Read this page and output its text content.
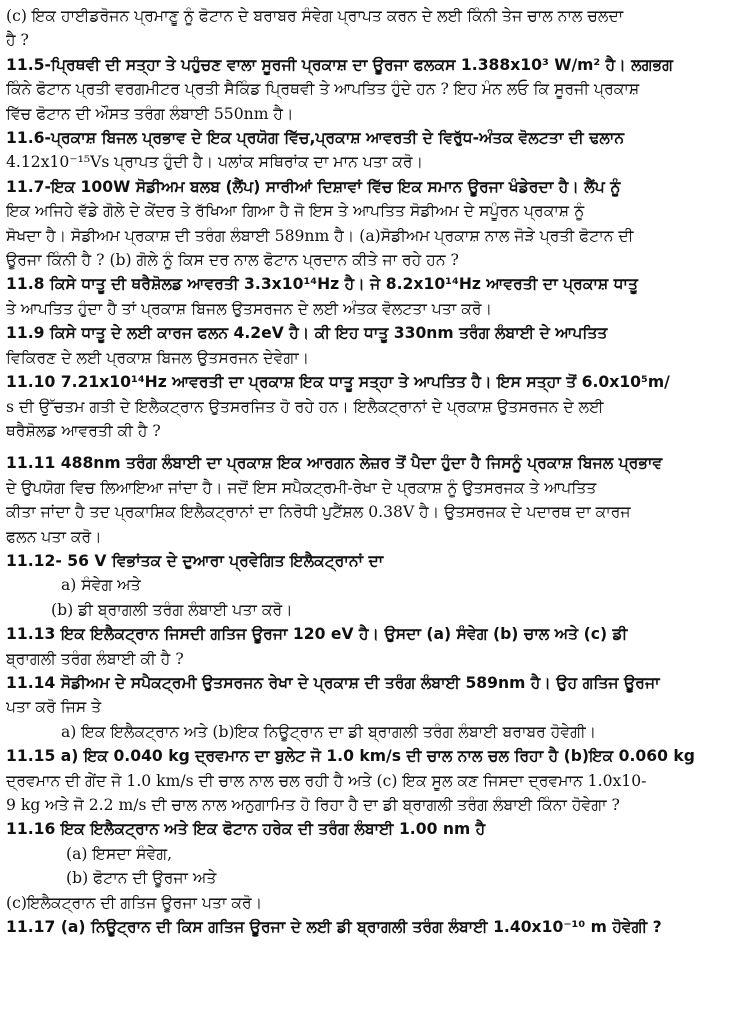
(c) ਇਕ ਹਾਈਡਰੋਜਨ ਪ੍ਰਮਾਣੂ ਨੂੰ ਫੋਟਾਨ ਦੇ ਬਰਾਬਰ ਸੰਵੇਗ ਪ੍ਰਾਪਤ ਕਰਨ ਦੇ ਲਈ ਕਿੰਨੀ ਤੇਜ ਚਾਲ ਨਾਲ ਚਲਦਾ
ਹੈ ?
11.5-ਪ੍ਰਿਥਵੀ ਦੀ ਸਤ੍ਹਾ ਤੇ ਪਹੁੰਚਣ ਵਾਲਾ ਸੂਰਜੀ ਪ੍ਰਕਾਸ਼ ਦਾ ਊਰਜਾ ਫਲਕਸ 1.388x10³ W/m² ਹੈ। ਲਗਭਗ
ਕਿੰਨੇ ਫੋਟਾਨ ਪ੍ਰਤੀ ਵਰਗਮੀਟਰ ਪ੍ਰਤੀ ਸੈਕਿੰਡ ਪ੍ਰਿਥਵੀ ਤੇ ਆਪਤਿਤ ਹੁੰਦੇ ਹਨ ? ਇਹ ਮੰਨ ਲਓ ਕਿ ਸੂਰਜੀ ਪ੍ਰਕਾਸ਼
ਵਿੱਚ ਫੋਟਾਨ ਦੀ ਔਸਤ ਤਰੰਗ ਲੰਬਾਈ 550nm ਹੈ।
11.6-ਪ੍ਰਕਾਸ਼ ਬਿਜਲ ਪ੍ਰਭਾਵ ਦੇ ਇਕ ਪ੍ਰਯੋਗ ਵਿੱਚ,ਪ੍ਰਕਾਸ਼ ਆਵਰਤੀ ਦੇ ਵਿਰੁੱਧ-ਅੰਤਕ ਵੋਲਟਤਾ ਦੀ ਢਲਾਨ
4.12x10⁻¹⁵Vs ਪ੍ਰਾਪਤ ਹੁੰਦੀ ਹੈ। ਪਲਾਂਕ ਸਥਿਰਾਂਕ ਦਾ ਮਾਨ ਪਤਾ ਕਰੋ।
11.7-ਇਕ 100W ਸੋਡੀਅਮ ਬਲਬ (ਲੈਂਪ) ਸਾਰੀਆਂ ਦਿਸ਼ਾਵਾਂ ਵਿੱਚ ਇਕ ਸਮਾਨ ਊਰਜਾ ਖੰਡੇਰਦਾ ਹੈ। ਲੈਂਪ ਨੂੰ
ਇਕ ਅਜਿਹੇ ਵੱਡੇ ਗੋਲੇ ਦੇ ਕੇਂਦਰ ਤੇ ਰੱਖਿਆ ਗਿਆ ਹੈ ਜੋ ਇਸ ਤੇ ਆਪਤਿਤ ਸੋਡੀਅਮ ਦੇ ਸਪੂੰਰਨ ਪ੍ਰਕਾਸ਼ ਨੂੰ
ਸੋਖਦਾ ਹੈ। ਸੋਡੀਅਮ ਪ੍ਰਕਾਸ਼ ਦੀ ਤਰੰਗ ਲੰਬਾਈ 589nm ਹੈ। (a)ਸੋਡੀਅਮ ਪ੍ਰਕਾਸ਼ ਨਾਲ ਜੋੜੇ ਪ੍ਰਤੀ ਫੋਟਾਨ ਦੀ
ਊਰਜਾ ਕਿੰਨੀ ਹੈ ? (b) ਗੋਲੇ ਨੂੰ ਕਿਸ ਦਰ ਨਾਲ ਫੋਟਾਨ ਪ੍ਰਦਾਨ ਕੀਤੇ ਜਾ ਰਹੇ ਹਨ ?
11.8 ਕਿਸੇ ਧਾਤੂ ਦੀ ਥਰੈਸ਼ੋਲਡ ਆਵਰਤੀ 3.3x10¹⁴Hz ਹੈ। ਜੇ 8.2x10¹⁴Hz ਆਵਰਤੀ ਦਾ ਪ੍ਰਕਾਸ਼ ਧਾਤੂ
ਤੇ ਆਪਤਿਤ ਹੁੰਦਾ ਹੈ ਤਾਂ ਪ੍ਰਕਾਸ਼ ਬਿਜਲ ਉਤਸਰਜਨ ਦੇ ਲਈ ਅੰਤਕ ਵੋਲਟਤਾ ਪਤਾ ਕਰੋ।
11.9 ਕਿਸੇ ਧਾਤੂ ਦੇ ਲਈ ਕਾਰਜ ਫਲਨ 4.2eV ਹੈ। ਕੀ ਇਹ ਧਾਤੂ 330nm ਤਰੰਗ ਲੰਬਾਈ ਦੇ ਆਪਤਿਤ
ਵਿਕਿਰਣ ਦੇ ਲਈ ਪ੍ਰਕਾਸ਼ ਬਿਜਲ ਉਤਸਰਜਨ ਦੇਵੇਗਾ।
11.10 7.21x10¹⁴Hz ਆਵਰਤੀ ਦਾ ਪ੍ਰਕਾਸ਼ ਇਕ ਧਾਤੂ ਸਤ੍ਹਾ ਤੇ ਆਪਤਿਤ ਹੈ। ਇਸ ਸਤ੍ਹਾ ਤੋਂ 6.0x10⁵m/
s ਦੀ ਉੱਚਤਮ ਗਤੀ ਦੇ ਇਲੈਕਟ੍ਰਾਨ ਉਤਸਰਜਿਤ ਹੋ ਰਹੇ ਹਨ। ਇਲੈਕਟ੍ਰਾਨਾਂ ਦੇ ਪ੍ਰਕਾਸ਼ ਉਤਸਰਜਨ ਦੇ ਲਈ
ਥਰੈਸ਼ੋਲਡ ਆਵਰਤੀ ਕੀ ਹੈ ?
11.11 488nm ਤਰੰਗ ਲੰਬਾਈ ਦਾ ਪ੍ਰਕਾਸ਼ ਇਕ ਆਰਗਨ ਲੇਜ਼ਰ ਤੋਂ ਪੈਦਾ ਹੁੰਦਾ ਹੈ ਜਿਸਨੂੰ ਪ੍ਰਕਾਸ਼ ਬਿਜਲ ਪ੍ਰਭਾਵ
ਦੇ ਉਪਯੋਗ ਵਿਚ ਲਿਆਇਆ ਜਾਂਦਾ ਹੈ। ਜਦੋਂ ਇਸ ਸਪੈਕਟ੍ਰਮੀ-ਰੇਖਾ ਦੇ ਪ੍ਰਕਾਸ਼ ਨੂੰ ਉਤਸਰਜਕ ਤੇ ਆਪਤਿਤ
ਕੀਤਾ ਜਾਂਦਾ ਹੈ ਤਦ ਪ੍ਰਕਾਸ਼ਿਕ ਇਲੈਕਟ੍ਰਾਨਾਂ ਦਾ ਨਿਰੋਧੀ ਪੁਟੈਂਸ਼ਲ 0.38V ਹੈ। ਉਤਸਰਜਕ ਦੇ ਪਦਾਰਥ ਦਾ ਕਾਰਜ
ਫਲਨ ਪਤਾ ਕਰੋ।
11.12- 56 V ਵਿਭਾਂਤਕ ਦੇ ਦੁਆਰਾ ਪ੍ਰਵੇਗਿਤ ਇਲੈਕਟ੍ਰਾਨਾਂ ਦਾ
a) ਸੰਵੇਗ ਅਤੇ
(b) ਡੀ ਬ੍ਰਾਗਲੀ ਤਰੰਗ ਲੰਬਾਈ ਪਤਾ ਕਰੋ।
11.13 ਇਕ ਇਲੈਕਟ੍ਰਾਨ ਜਿਸਦੀ ਗਤਿਜ ਊਰਜਾ 120 eV ਹੈ। ਉਸਦਾ (a) ਸੰਵੇਗ (b) ਚਾਲ ਅਤੇ (c) ਡੀ
ਬ੍ਰਾਗਲੀ ਤਰੰਗ ਲੰਬਾਈ ਕੀ ਹੈ ?
11.14 ਸੋਡੀਅਮ ਦੇ ਸਪੈਕਟ੍ਰਮੀ ਉਤਸਰਜਨ ਰੇਖਾ ਦੇ ਪ੍ਰਕਾਸ਼ ਦੀ ਤਰੰਗ ਲੰਬਾਈ 589nm ਹੈ। ਉਹ ਗਤਿਜ ਊਰਜਾ
ਪਤਾ ਕਰੋ ਜਿਸ ਤੇ
a) ਇਕ ਇਲੈਕਟ੍ਰਾਨ ਅਤੇ (b)ਇਕ ਨਿਊਟ੍ਰਾਨ ਦਾ ਡੀ ਬ੍ਰਾਗਲੀ ਤਰੰਗ ਲੰਬਾਈ ਬਰਾਬਰ ਹੋਵੇਗੀ।
11.15 a) ਇਕ 0.040 kg ਦ੍ਰਵਮਾਨ ਦਾ ਬੁਲੇਟ ਜੋ 1.0 km/s ਦੀ ਚਾਲ ਨਾਲ ਚਲ ਰਿਹਾ ਹੈ (b)ਇਕ 0.060 kg
ਦ੍ਰਵਮਾਨ ਦੀ ਗੇਂਦ ਜੋ 1.0 km/s ਦੀ ਚਾਲ ਨਾਲ ਚਲ ਰਹੀ ਹੈ ਅਤੇ (c) ਇਕ ਸੂਲ ਕਣ ਜਿਸਦਾ ਦ੍ਰਵਮਾਨ 1.0x10-
9 kg ਅਤੇ ਜੋ 2.2 m/s ਦੀ ਚਾਲ ਨਾਲ ਅਨੁਗਾਮਿਤ ਹੋ ਰਿਹਾ ਹੈ ਦਾ ਡੀ ਬ੍ਰਾਗਲੀ ਤਰੰਗ ਲੰਬਾਈ ਕਿੰਨਾ ਹੋਵੇਗਾ ?
11.16 ਇਕ ਇਲੈਕਟ੍ਰਾਨ ਅਤੇ ਇਕ ਫੋਟਾਨ ਹਰੇਕ ਦੀ ਤਰੰਗ ਲੰਬਾਈ 1.00 nm ਹੈ
(a) ਇਸਦਾ ਸੰਵੇਗ,
(b) ਫੋਟਾਨ ਦੀ ਊਰਜਾ ਅਤੇ
(c)ਇਲੈਕਟ੍ਰਾਨ ਦੀ ਗਤਿਜ ਊਰਜਾ ਪਤਾ ਕਰੋ।
11.17 (a) ਨਿਊਟ੍ਰਾਨ ਦੀ ਕਿਸ ਗਤਿਜ ਊਰਜਾ ਦੇ ਲਈ ਡੀ ਬ੍ਰਾਗਲੀ ਤਰੰਗ ਲੰਬਾਈ 1.40x10⁻¹⁰ m ਹੋਵੇਗੀ ?
